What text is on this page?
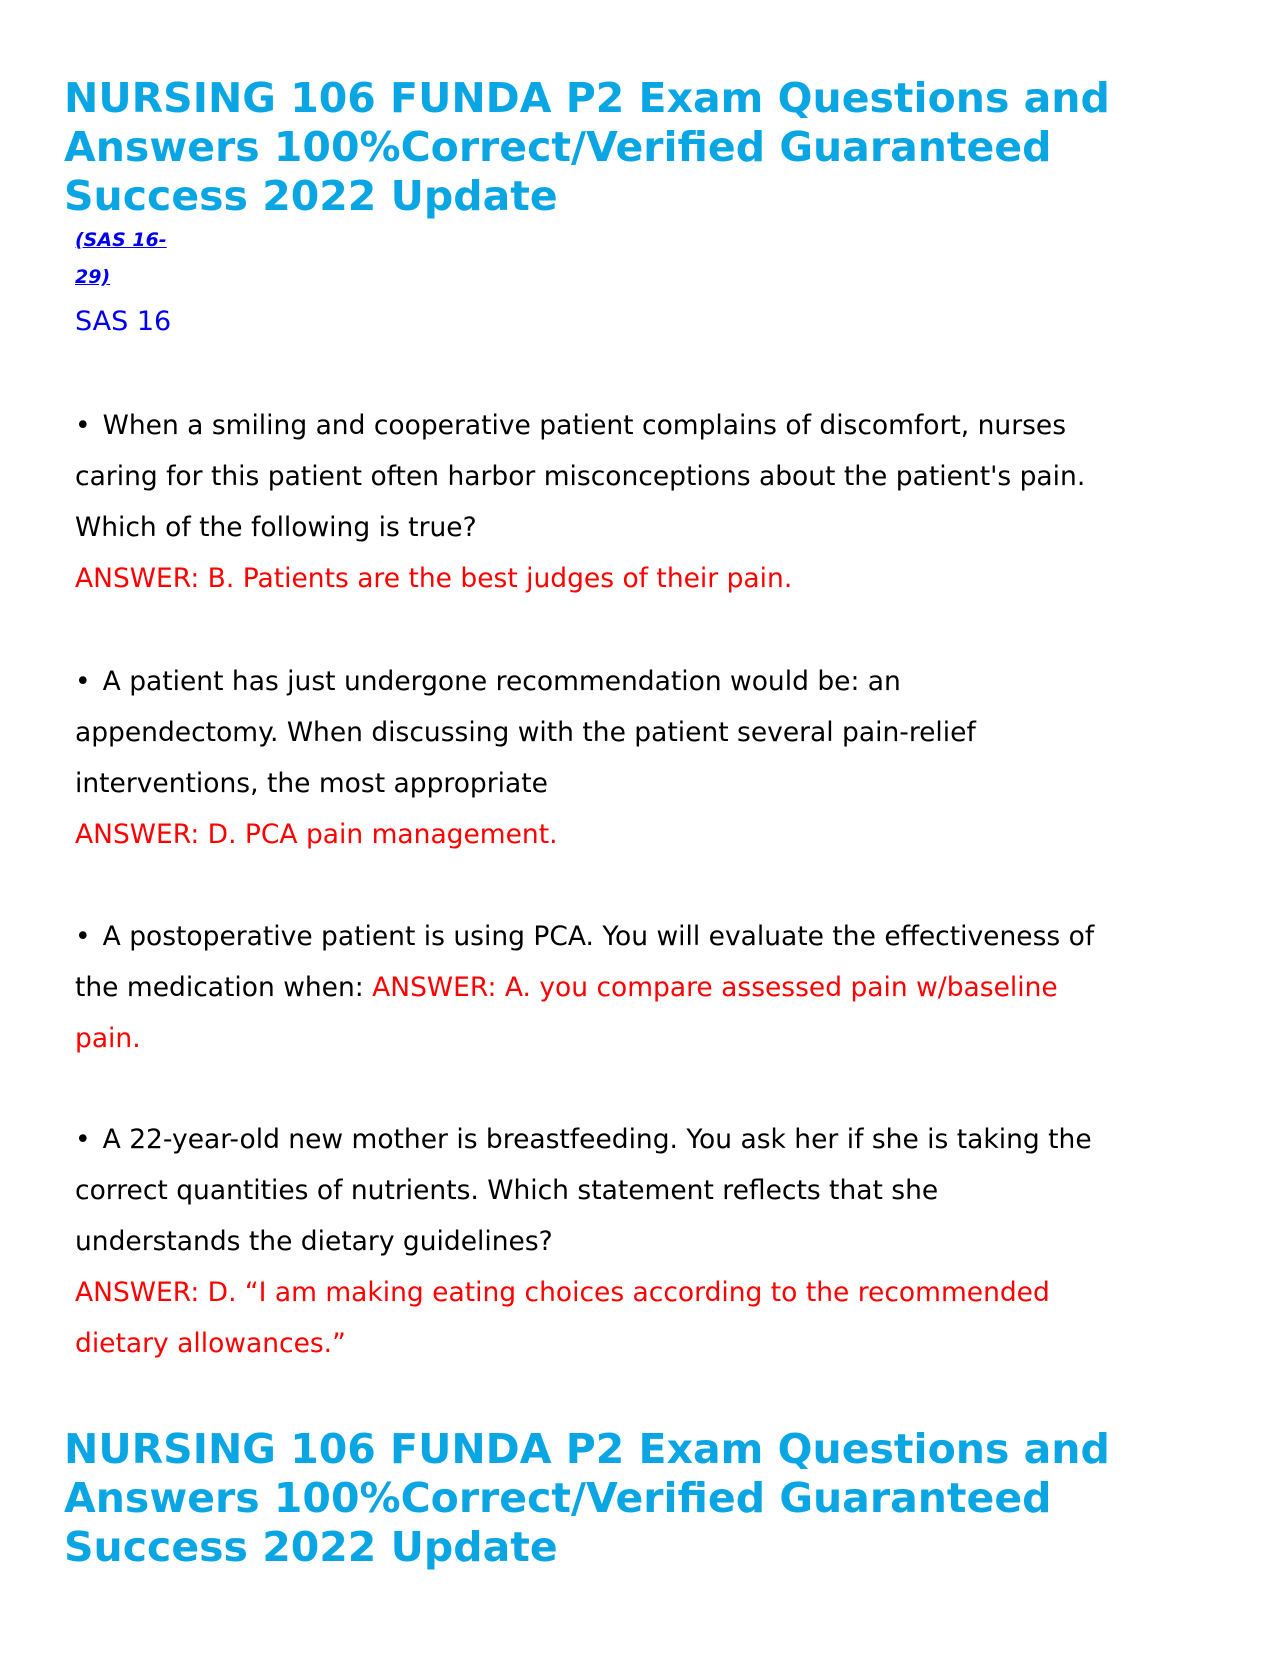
NURSING 106 FUNDA P2 Exam Questions and Answers 100%Correct/Verified Guaranteed Success 2022 Update
(SAS 16-29)
SAS 16

• When a smiling and cooperative patient complains of discomfort, nurses caring for this patient often harbor misconceptions about the patient's pain. Which of the following is true?

ANSWER: B. Patients are the best judges of their pain.

• A patient has just undergone recommendation would be: an appendectomy. When discussing with the patient several pain-relief interventions, the most appropriate

ANSWER: D. PCA pain management.

• A postoperative patient is using PCA. You will evaluate the effectiveness of the medication when: ANSWER: A. you compare assessed pain w/baseline pain.

• A 22-year-old new mother is breastfeeding. You ask her if she is taking the correct quantities of nutrients. Which statement reflects that she understands the dietary guidelines?

ANSWER: D. “I am making eating choices according to the recommended dietary allowances.”

NURSING 106 FUNDA P2 Exam Questions and Answers 100%Correct/Verified Guaranteed Success 2022 Update
